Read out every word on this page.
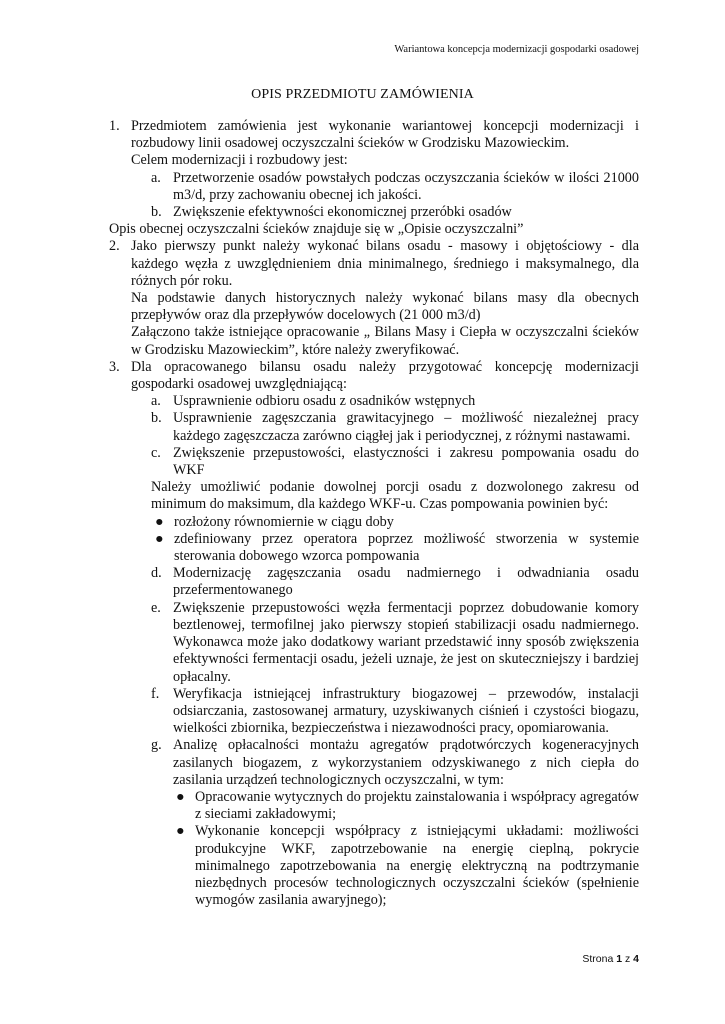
Wariantowa koncepcja modernizacji gospodarki osadowej
OPIS PRZEDMIOTU ZAMÓWIENIA
1. Przedmiotem zamówienia jest wykonanie wariantowej koncepcji modernizacji i rozbudowy linii osadowej oczyszczalni ścieków w Grodzisku Mazowieckim.
Celem modernizacji i rozbudowy jest:
a. Przetworzenie osadów powstałych podczas oczyszczania ścieków w ilości 21000 m3/d, przy zachowaniu obecnej ich jakości.
b. Zwiększenie efektywności ekonomicznej przeróbki osadów
Opis obecnej oczyszczalni ścieków znajduje się w „Opisie oczyszczalni”
2. Jako pierwszy punkt należy wykonać bilans osadu - masowy i objętościowy - dla każdego węzła z uwzględnieniem dnia minimalnego, średniego i maksymalnego, dla różnych pór roku.
Na podstawie danych historycznych należy wykonać bilans masy dla obecnych przepływów oraz dla przepływów docelowych (21 000 m3/d)
Załączono także istniejące opracowanie „ Bilans Masy i Ciepła w oczyszczalni ścieków w Grodzisku Mazowieckim”, które należy zweryfikować.
3. Dla opracowanego bilansu osadu należy przygotować koncepcję modernizacji gospodarki osadowej uwzględniającą:
a. Usprawnienie odbioru osadu z osadników wstępnych
b. Usprawnienie zagęszczania grawitacyjnego – możliwość niezależnej pracy każdego zagęszczacza zarówno ciągłej jak i periodycznej, z różnymi nastawami.
c. Zwiększenie przepustowości, elastyczności i zakresu pompowania osadu do WKF
Należy umożliwić podanie dowolnej porcji osadu z dozwolonego zakresu od minimum do maksimum, dla każdego WKF-u. Czas pompowania powinien być:
● rozłożony równomiernie w ciągu doby
● zdefiniowany przez operatora poprzez możliwość stworzenia w systemie sterowania dobowego wzorca pompowania
d. Modernizację zagęszczania osadu nadmiernego i odwadniania osadu przefermentowanego
e. Zwiększenie przepustowości węzła fermentacji poprzez dobudowanie komory beztlenowej, termofilnej jako pierwszy stopień stabilizacji osadu nadmiernego. Wykonawca może jako dodatkowy wariant przedstawić inny sposób zwiększenia efektywności fermentacji osadu, jeżeli uznaje, że jest on skuteczniejszy i bardziej opłacalny.
f. Weryfikacja istniejącej infrastruktury biogazowej – przewodów, instalacji odsiarczania, zastosowanej armatury, uzyskiwanych ciśnień i czystości biogazu, wielkości zbiornika, bezpieczeństwa i niezawodności pracy, opomiarowania.
g. Analizę opłacalności montażu agregatów prądotwórczych kogeneracyjnych zasilanych biogazem, z wykorzystaniem odzyskiwanego z nich ciepła do zasilania urządzeń technologicznych oczyszczalni, w tym:
● Opracowanie wytycznych do projektu zainstalowania i współpracy agregatów z sieciami zakładowymi;
● Wykonanie koncepcji współpracy z istniejącymi układami: możliwości produkcyjne WKF, zapotrzebowanie na energię cieplną, pokrycie minimalnego zapotrzebowania na energię elektryczną na podtrzymanie niezbędnych procesów technologicznych oczyszczalni ścieków (spełnienie wymogów zasilania awaryjnego);
Strona 1 z 4
